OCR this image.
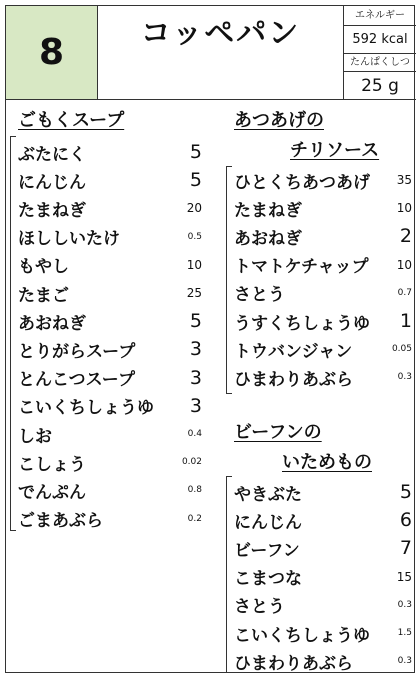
8	コッペパン
エネルギー
592 kcal
たんぱくしつ
25 g
ごもくスープ
ぶたにく	5
にんじん	5
たまねぎ	20
ほししいたけ	0.5
もやし	10
たまご	25
あおねぎ	5
とりがらスープ	3
とんこつスープ	3
こいくちしょうゆ 3
しお	0.4
こしょう	0.02
でんぷん	0.8
ごまあぶら	0.2
あつあげの
チリソース
ひとくちあつあげ 35
たまねぎ	10
あおねぎ	2
トマトケチャップ 10
さとう	0.7
うすくちしょうゆ 1
トウバンジャン	0.05
ひまわりあぶら	0.3
ビーフンの
いためもの
やきぶた	5
にんじん	6
ビーフン	7
こまつな	15
さとう	0.3
こいくちしょうゆ	1.5
ひまわりあぶら	0.3
